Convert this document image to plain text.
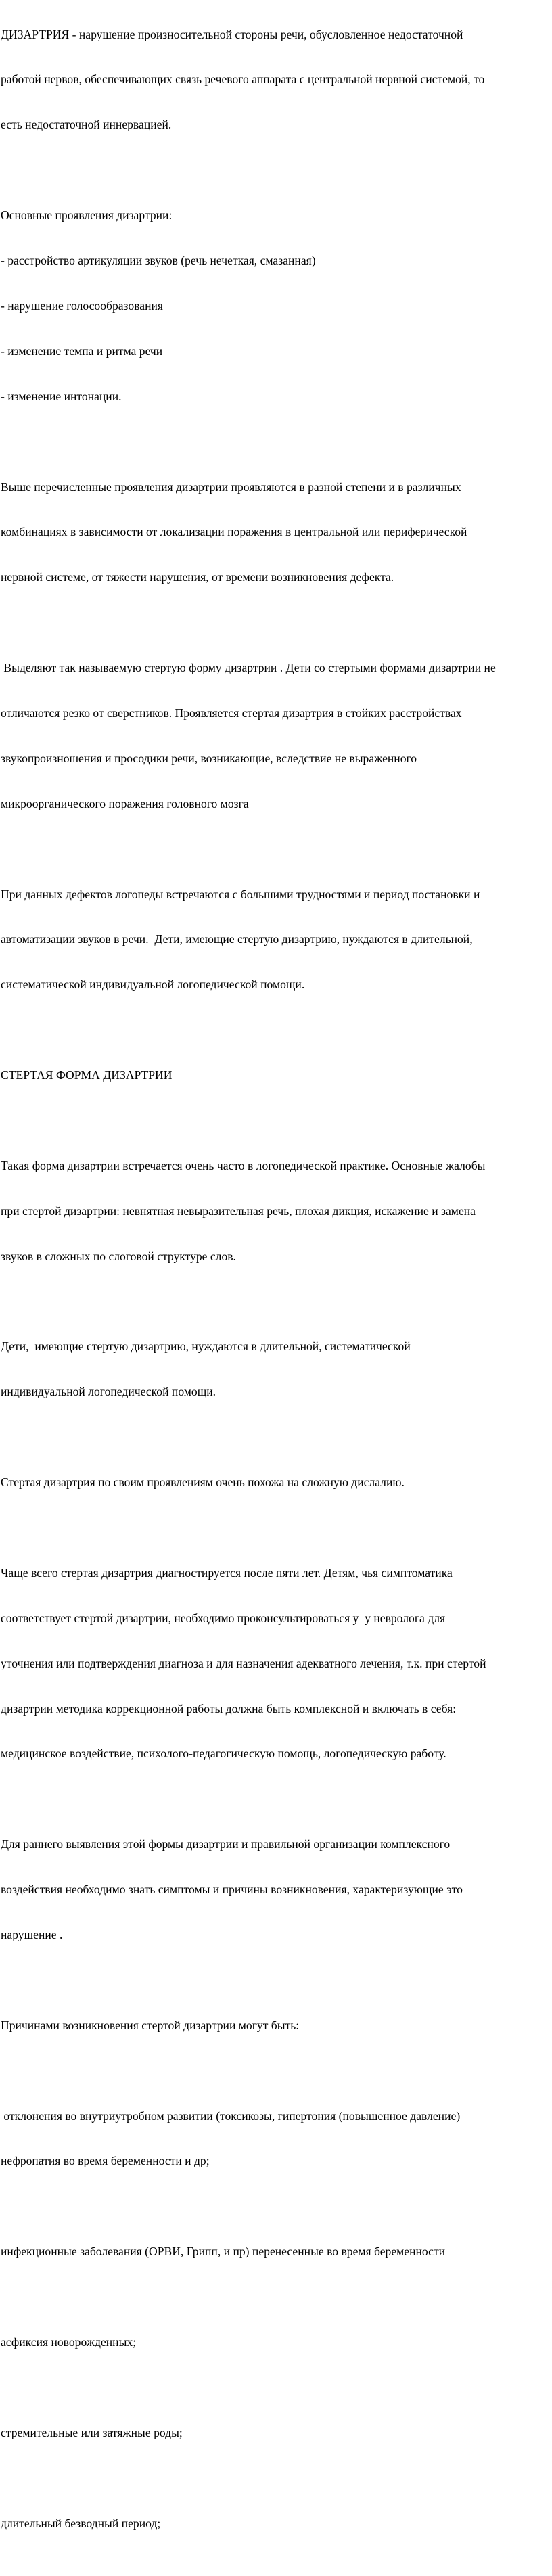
ДИЗАРТРИЯ - нарушение произносительной стороны речи, обусловленное недостаточной

работой нервов, обеспечивающих связь речевого аппарата с центральной нервной системой, то

есть недостаточной иннервацией.

Основные проявления дизартрии:

- расстройство артикуляции звуков (речь нечеткая, смазанная)

- нарушение голосообразования

- изменение темпа и ритма речи

- изменение интонации.

Выше перечисленные проявления дизартрии проявляются в разной степени и в различных

комбинациях в зависимости от локализации поражения в центральной или периферической

нервной системе, от тяжести нарушения, от времени возникновения дефекта.

Выделяют так называемую стертую форму дизартрии . Дети со стертыми формами дизартрии не

отличаются резко от сверстников. Проявляется стертая дизартрия в стойких расстройствах

звукопроизношения и просодики речи, возникающие, вследствие не выраженного

микроорганического поражения головного мозга

При данных дефектов логопеды встречаются с большими трудностями и период постановки и

автоматизации звуков в речи.  Дети, имеющие стертую дизартрию, нуждаются в длительной,

систематической индивидуальной логопедической помощи.

СТЕРТАЯ ФОРМА ДИЗАРТРИИ

Такая форма дизартрии встречается очень часто в логопедической практике. Основные жалобы

при стертой дизартрии: невнятная невыразительная речь, плохая дикция, искажение и замена

звуков в сложных по слоговой структуре слов.

Дети,  имеющие стертую дизартрию, нуждаются в длительной, систематической

индивидуальной логопедической помощи.

Стертая дизартрия по своим проявлениям очень похожа на сложную дислалию.

Чаще всего стертая дизартрия диагностируется после пяти лет. Детям, чья симптоматика

соответствует стертой дизартрии, необходимо проконсультироваться у  у невролога для

уточнения или подтверждения диагноза и для назначения адекватного лечения, т.к. при стертой

дизартрии методика коррекционной работы должна быть комплексной и включать в себя:

медицинское воздействие, психолого-педагогическую помощь, логопедическую работу.

Для раннего выявления этой формы дизартрии и правильной организации комплексного

воздействия необходимо знать симптомы и причины возникновения, характеризующие это

нарушение .

Причинами возникновения стертой дизартрии могут быть:

отклонения во внутриутробном развитии (токсикозы, гипертония (повышенное давление)

нефропатия во время беременности и др;

инфекционные заболевания (ОРВИ, Грипп, и пр) перенесенные во время беременности

асфиксия новорожденных;

стремительные или затяжные роды;

длительный безводный период;
